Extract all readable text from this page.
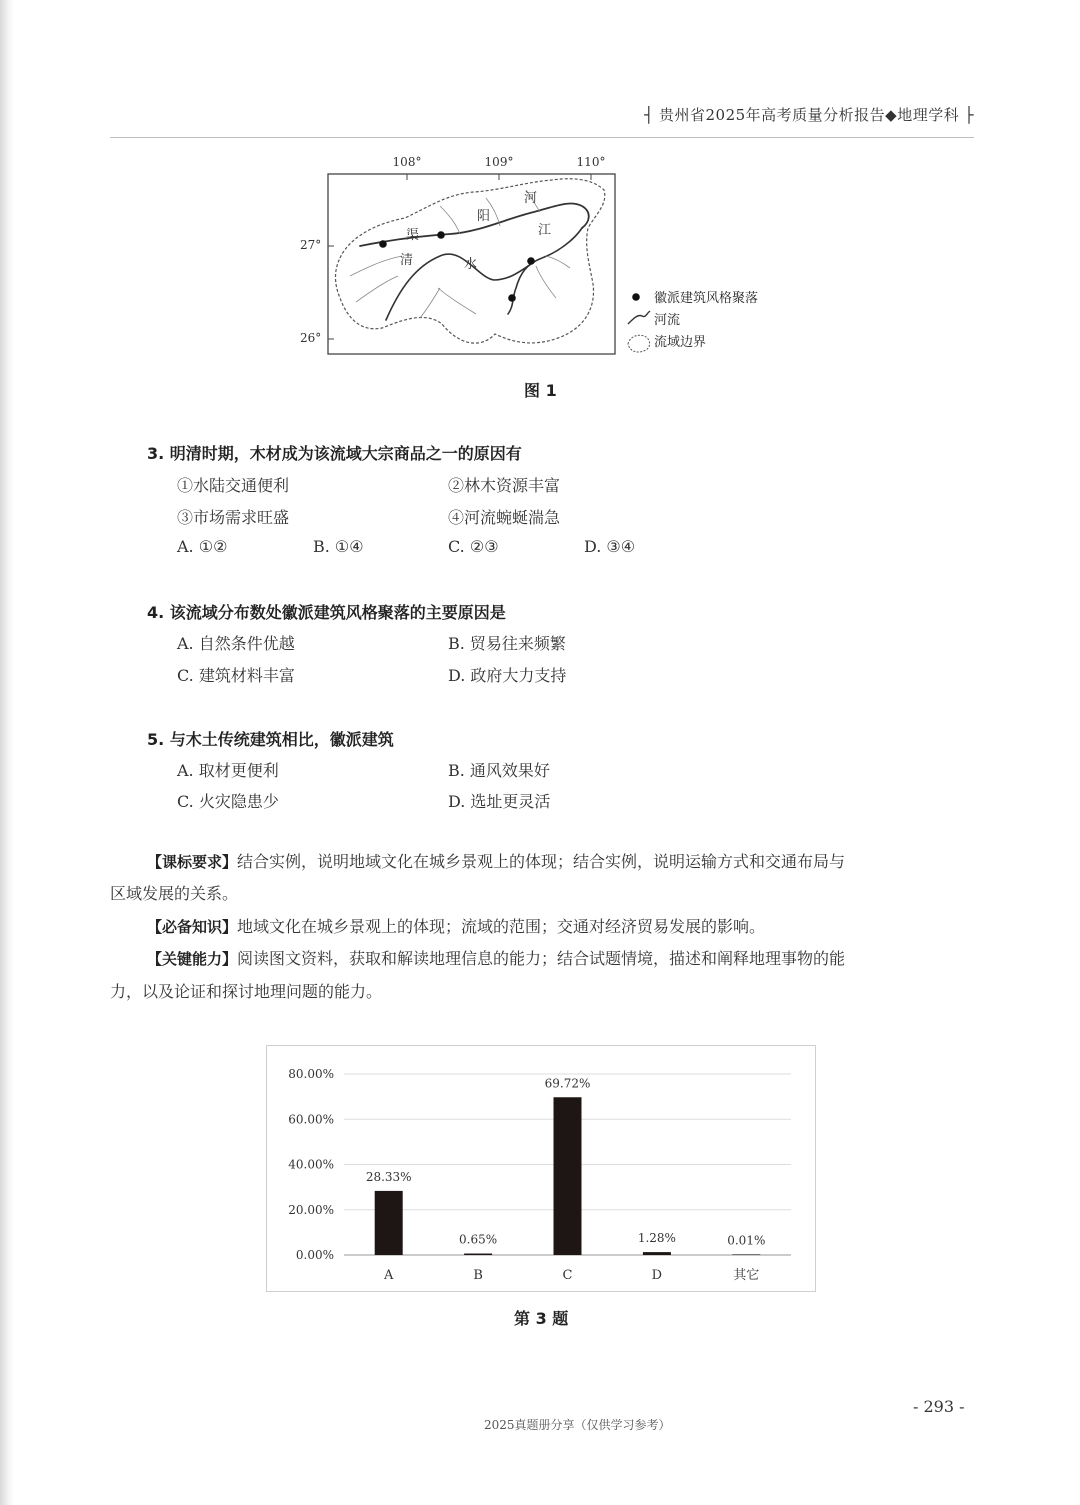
┤ 贵州省2025年高考质量分析报告◆地理学科 ├
108°	109°	110°
27°
26°
渠
阳
河
江
清	水
徽派建筑风格聚落
河流
流域边界
图 1
3. 明清时期，木材成为该流域大宗商品之一的原因有
①水陆交通便利	②林木资源丰富
③市场需求旺盛	④河流蜿蜒湍急
A. ①②	B. ①④	C. ②③	D. ③④
4. 该流域分布数处徽派建筑风格聚落的主要原因是
A. 自然条件优越	B. 贸易往来频繁
C. 建筑材料丰富	D. 政府大力支持
5. 与木土传统建筑相比，徽派建筑
A. 取材更便利	B. 通风效果好
C. 火灾隐患少	D. 选址更灵活
【课标要求】结合实例，说明地域文化在城乡景观上的体现；结合实例，说明运输方式和交通布局与
区域发展的关系。
【必备知识】地域文化在城乡景观上的体现；流域的范围；交通对经济贸易发展的影响。
【关键能力】阅读图文资料，获取和解读地理信息的能力；结合试题情境，描述和阐释地理事物的能
力，以及论证和探讨地理问题的能力。
0.00%
20.00%
40.00%
60.00%
80.00%
28.33%
0.65%
69.72%
1.28%	0.01%
A	B	C	D	其它
第 3 题
- 293 -
2025真题册分享（仅供学习参考）
